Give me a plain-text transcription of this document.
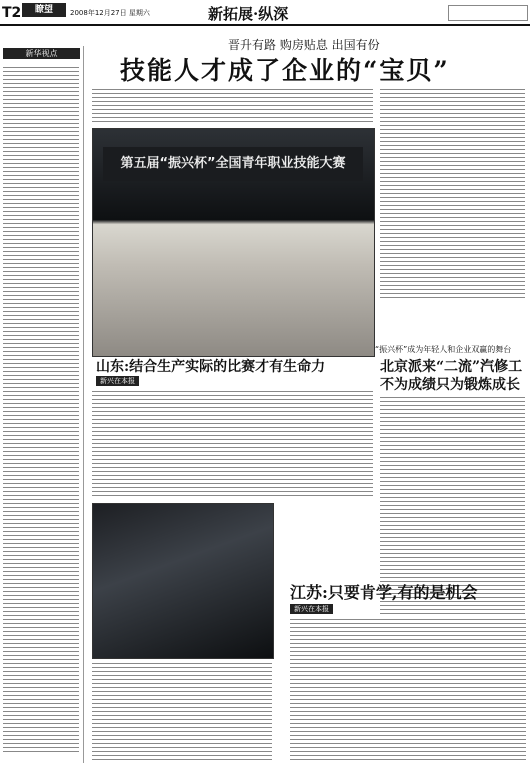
T2	瞭望	2008年12月27日 星期六	新拓展·纵深
新华视点
晋升有路 购房贴息 出国有份
技能人才成了企业的“宝贝”
第五届“振兴杯”全国青年职业技能大赛
山东:结合生产实际的比赛才有生命力
新兴在本报
“振兴杯”成为年轻人和企业双赢的舞台
北京派来“二流”汽修工
不为成绩只为锻炼成长
江苏:只要肯学,有的是机会
新兴在本报
